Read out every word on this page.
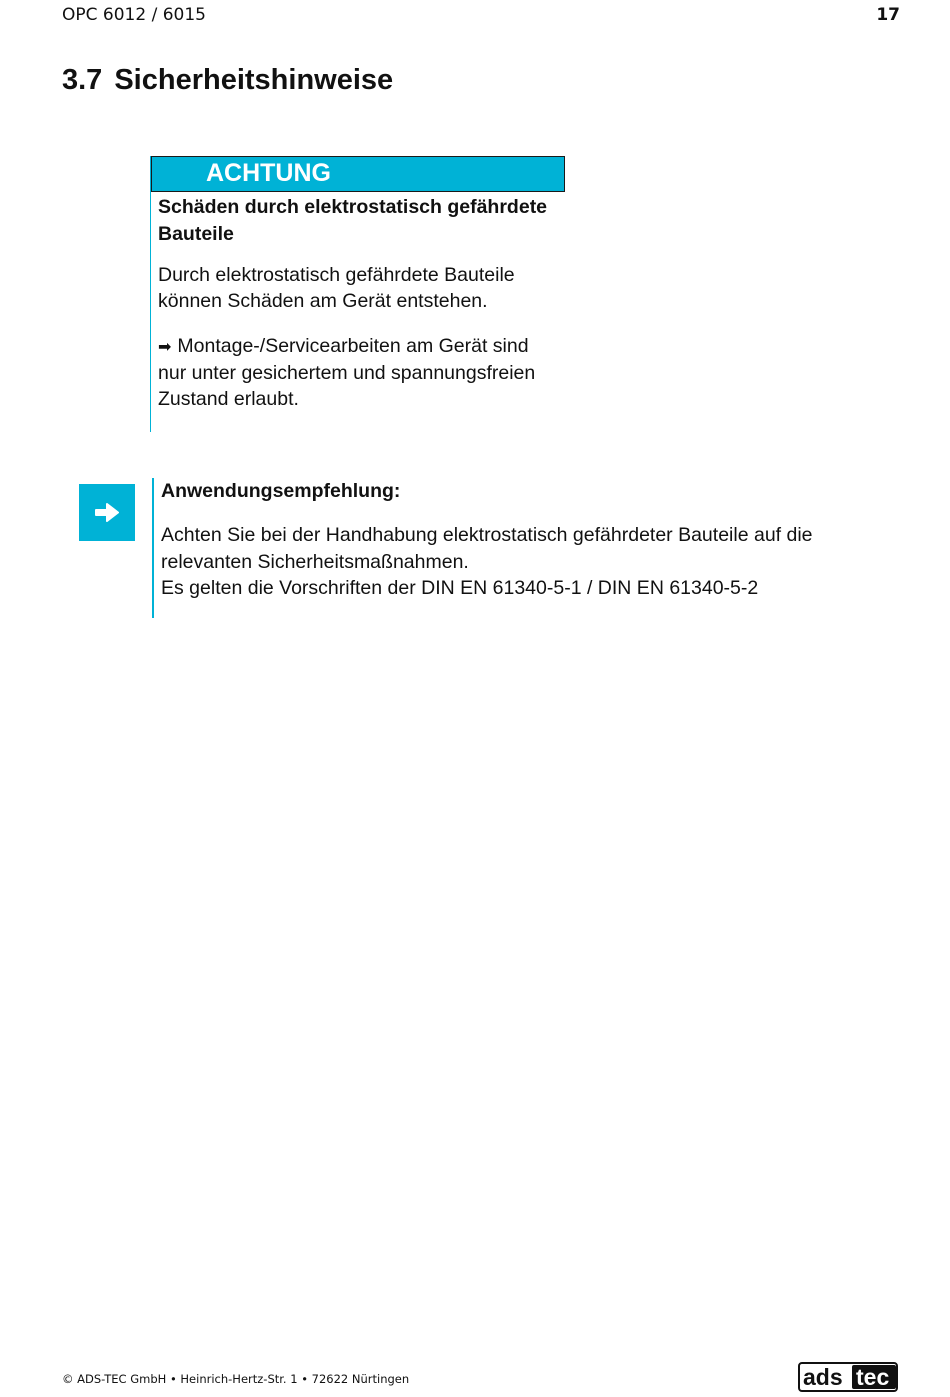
OPC 6012 / 6015	17
3.7 Sicherheitshinweise
ACHTUNG
Schäden durch elektrostatisch gefährdete Bauteile

Durch elektrostatisch gefährdete Bauteile können Schäden am Gerät entstehen.

➡ Montage-/Servicearbeiten am Gerät sind nur unter gesichertem und spannungsfreien Zustand erlaubt.

Anwendungsempfehlung:
Achten Sie bei der Handhabung elektrostatisch gefährdeter Bauteile auf die relevanten Sicherheitsmaßnahmen.
Es gelten die Vorschriften der DIN EN 61340-5-1 / DIN EN 61340-5-2
© ADS-TEC GmbH • Heinrich-Hertz-Str. 1 • 72622 Nürtingen	ads tec
